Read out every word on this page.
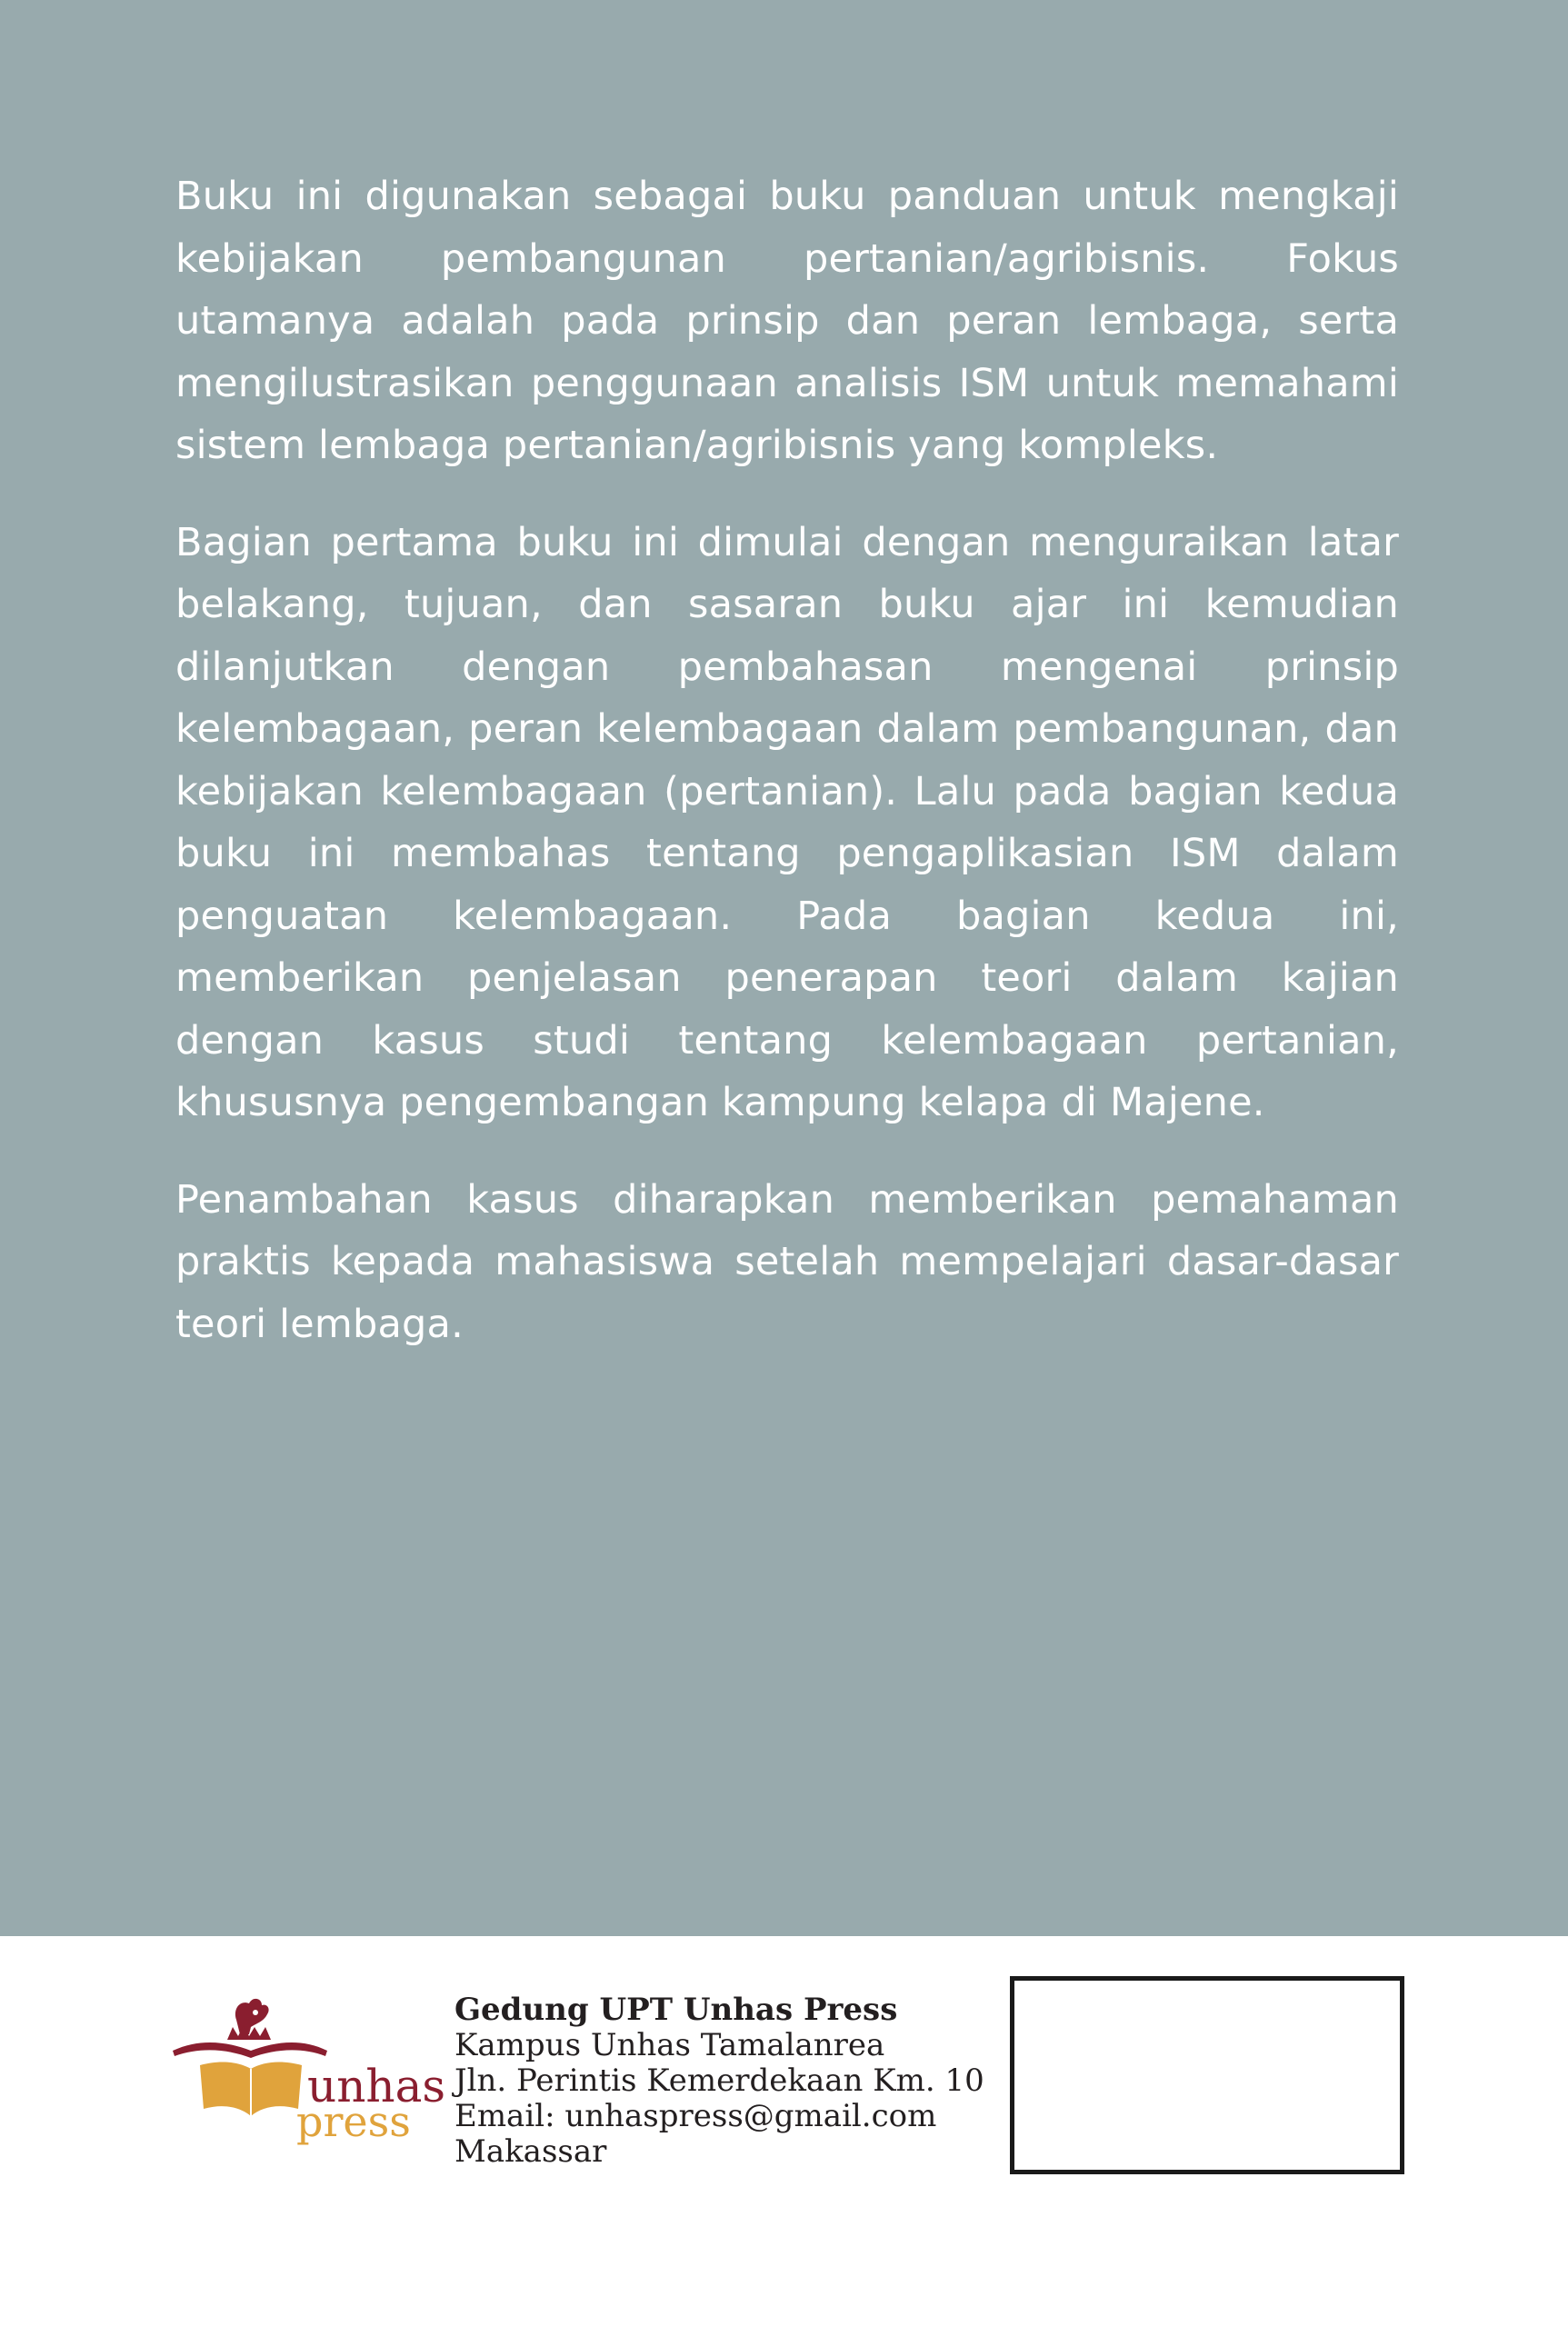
Buku ini digunakan sebagai buku panduan untuk mengkaji kebijakan pembangunan pertanian/agribisnis. Fokus utamanya adalah pada prinsip dan peran lembaga, serta mengilustrasikan penggunaan analisis ISM untuk memahami sistem lembaga pertanian/agribisnis yang kompleks.

Bagian pertama buku ini dimulai dengan menguraikan latar belakang, tujuan, dan sasaran buku ajar ini kemudian dilanjutkan dengan pembahasan mengenai prinsip kelembagaan, peran kelembagaan dalam pembangunan, dan kebijakan kelembagaan (pertanian). Lalu pada bagian kedua buku ini membahas tentang pengaplikasian ISM dalam penguatan kelembagaan. Pada bagian kedua ini, memberikan penjelasan penerapan teori dalam kajian dengan kasus studi tentang kelembagaan pertanian, khususnya pengembangan kampung kelapa di Majene.

Penambahan kasus diharapkan memberikan pemahaman praktis kepada mahasiswa setelah mempelajari dasar-dasar teori lembaga.

unhas
press
Gedung UPT Unhas Press
Kampus Unhas Tamalanrea
Jln. Perintis Kemerdekaan Km. 10
Email: unhaspress@gmail.com
Makassar
